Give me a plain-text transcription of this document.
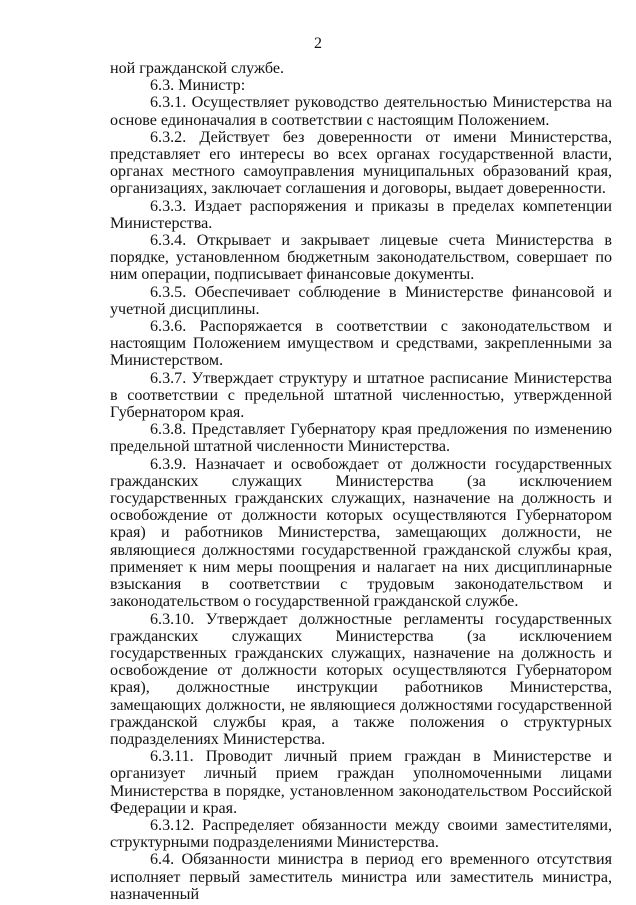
2

ной гражданской службе.

6.3. Министр:

6.3.1. Осуществляет руководство деятельностью Министерства на основе единоначалия в соответствии с настоящим Положением.

6.3.2. Действует без доверенности от имени Министерства, представляет его интересы во всех органах государственной власти, органах местного самоуправления муниципальных образований края, организациях, заключает соглашения и договоры, выдает доверенности.

6.3.3. Издает распоряжения и приказы в пределах компетенции Министерства.

6.3.4. Открывает и закрывает лицевые счета Министерства в порядке, установленном бюджетным законодательством, совершает по ним операции, подписывает финансовые документы.

6.3.5. Обеспечивает соблюдение в Министерстве финансовой и учетной дисциплины.

6.3.6. Распоряжается в соответствии с законодательством и настоящим Положением имуществом и средствами, закрепленными за Министерством.

6.3.7. Утверждает структуру и штатное расписание Министерства в соответствии с предельной штатной численностью, утвержденной Губернатором края.

6.3.8. Представляет Губернатору края предложения по изменению предельной штатной численности Министерства.

6.3.9. Назначает и освобождает от должности государственных гражданских служащих Министерства (за исключением государственных гражданских служащих, назначение на должность и освобождение от должности которых осуществляются Губернатором края) и работников Министерства, замещающих должности, не являющиеся должностями государственной гражданской службы края, применяет к ним меры поощрения и налагает на них дисциплинарные взыскания в соответствии с трудовым законодательством и законодательством о государственной гражданской службе.

6.3.10. Утверждает должностные регламенты государственных гражданских служащих Министерства (за исключением государственных гражданских служащих, назначение на должность и освобождение от должности которых осуществляются Губернатором края), должностные инструкции работников Министерства, замещающих должности, не являющиеся должностями государственной гражданской службы края, а также положения о структурных подразделениях Министерства.

6.3.11. Проводит личный прием граждан в Министерстве и организует личный прием граждан уполномоченными лицами Министерства в порядке, установленном законодательством Российской Федерации и края.

6.3.12. Распределяет обязанности между своими заместителями, структурными подразделениями Министерства.

6.4. Обязанности министра в период его временного отсутствия исполняет первый заместитель министра или заместитель министра, назначенный
